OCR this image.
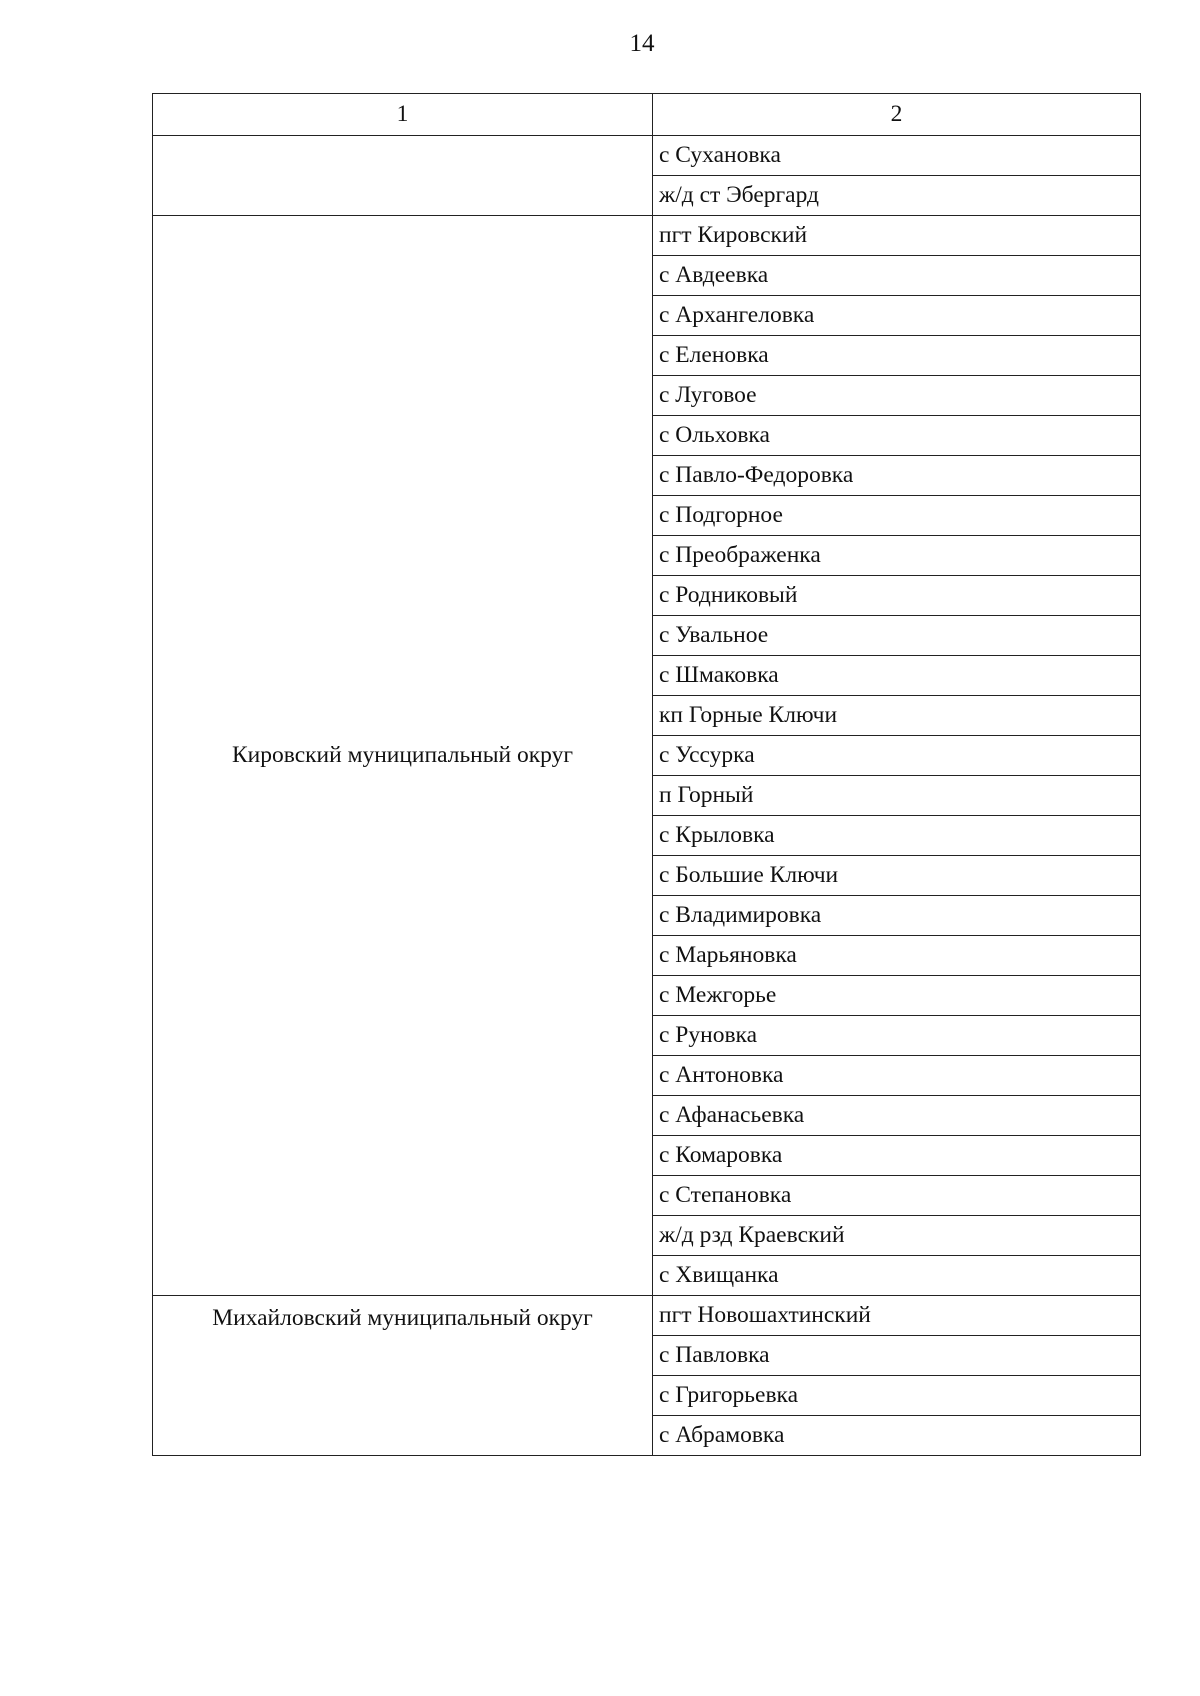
14
1	2
	с Сухановка
	ж/д ст Эбергард
Кировский муниципальный округ	пгт Кировский
	с Авдеевка
	с Архангеловка
	с Еленовка
	с Луговое
	с Ольховка
	с Павло-Федоровка
	с Подгорное
	с Преображенка
	с Родниковый
	с Увальное
	с Шмаковка
	кп Горные Ключи
	с Уссурка
	п Горный
	с Крыловка
	с Большие Ключи
	с Владимировка
	с Марьяновка
	с Межгорье
	с Руновка
	с Антоновка
	с Афанасьевка
	с Комаровка
	с Степановка
	ж/д рзд Краевский
	с Хвищанка
Михайловский муниципальный округ	пгт Новошахтинский
	с Павловка
	с Григорьевка
	с Абрамовка
